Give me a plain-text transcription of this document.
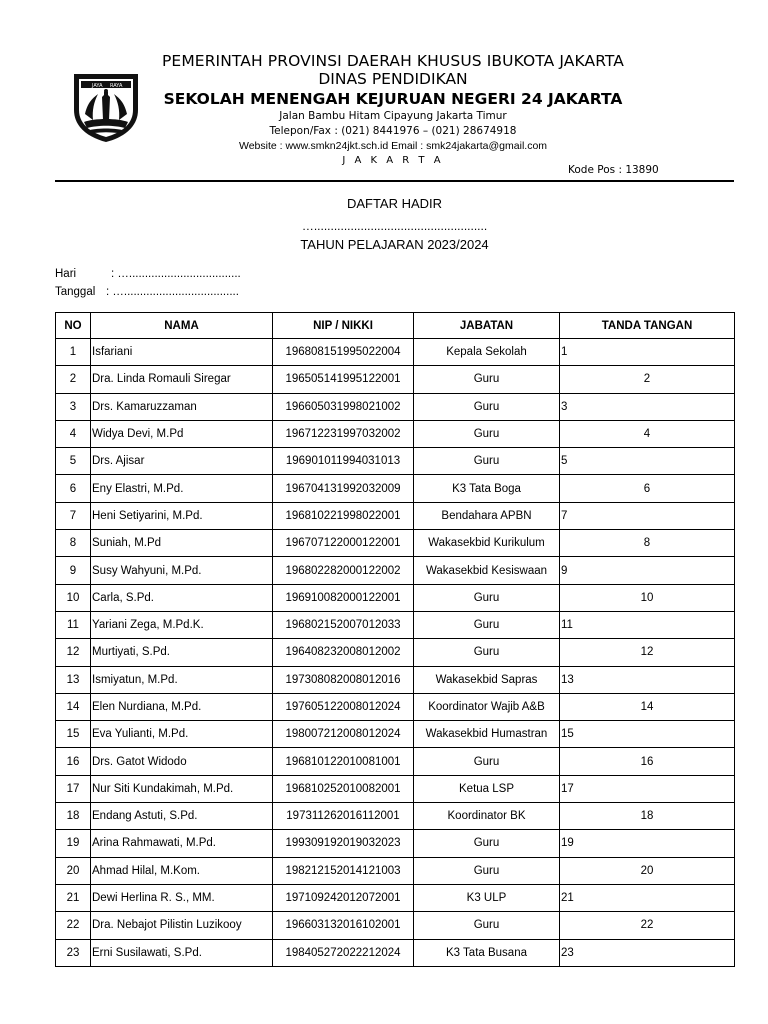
JAYA RAYA
PEMERINTAH PROVINSI DAERAH KHUSUS IBUKOTA JAKARTA
DINAS PENDIDIKAN
SEKOLAH MENENGAH KEJURUAN NEGERI 24 JAKARTA
Jalan Bambu Hitam Cipayung Jakarta Timur
Telepon/Fax : (021) 8441976 – (021) 28674918
Website : www.smkn24jkt.sch.id Email : smk24jakarta@gmail.com
J A K A R T A
Kode Pos : 13890
DAFTAR HADIR
…....................................................
TAHUN PELAJARAN 2023/2024
Hari	: …...................................
Tanggal : …....................................
NO	NAMA	NIP / NIKKI	JABATAN	TANDA TANGAN
1	Isfariani	196808151995022004	Kepala Sekolah	1
2	Dra. Linda Romauli Siregar	196505141995122001	Guru	2
3	Drs. Kamaruzzaman	196605031998021002	Guru	3
4	Widya Devi, M.Pd	196712231997032002	Guru	4
5	Drs. Ajisar	196901011994031013	Guru	5
6	Eny Elastri, M.Pd.	196704131992032009	K3 Tata Boga	6
7	Heni Setiyarini, M.Pd.	196810221998022001	Bendahara APBN	7
8	Suniah, M.Pd	196707122000122001	Wakasekbid Kurikulum	8
9	Susy Wahyuni, M.Pd.	196802282000122002	Wakasekbid Kesiswaan	9
10	Carla, S.Pd.	196910082000122001	Guru	10
11	Yariani Zega, M.Pd.K.	196802152007012033	Guru	11
12	Murtiyati, S.Pd.	196408232008012002	Guru	12
13	Ismiyatun, M.Pd.	197308082008012016	Wakasekbid Sapras	13
14	Elen Nurdiana, M.Pd.	197605122008012024	Koordinator Wajib A&B	14
15	Eva Yulianti, M.Pd.	198007212008012024	Wakasekbid Humastran	15
16	Drs. Gatot Widodo	196810122010081001	Guru	16
17	Nur Siti Kundakimah, M.Pd.	196810252010082001	Ketua LSP	17
18	Endang Astuti, S.Pd.	197311262016112001	Koordinator BK	18
19	Arina Rahmawati, M.Pd.	199309192019032023	Guru	19
20	Ahmad Hilal, M.Kom.	198212152014121003	Guru	20
21	Dewi Herlina R. S., MM.	197109242012072001	K3 ULP	21
22	Dra. Nebajot Pilistin Luzikooy	196603132016102001	Guru	22
23	Erni Susilawati, S.Pd.	198405272022212024	K3 Tata Busana	23
